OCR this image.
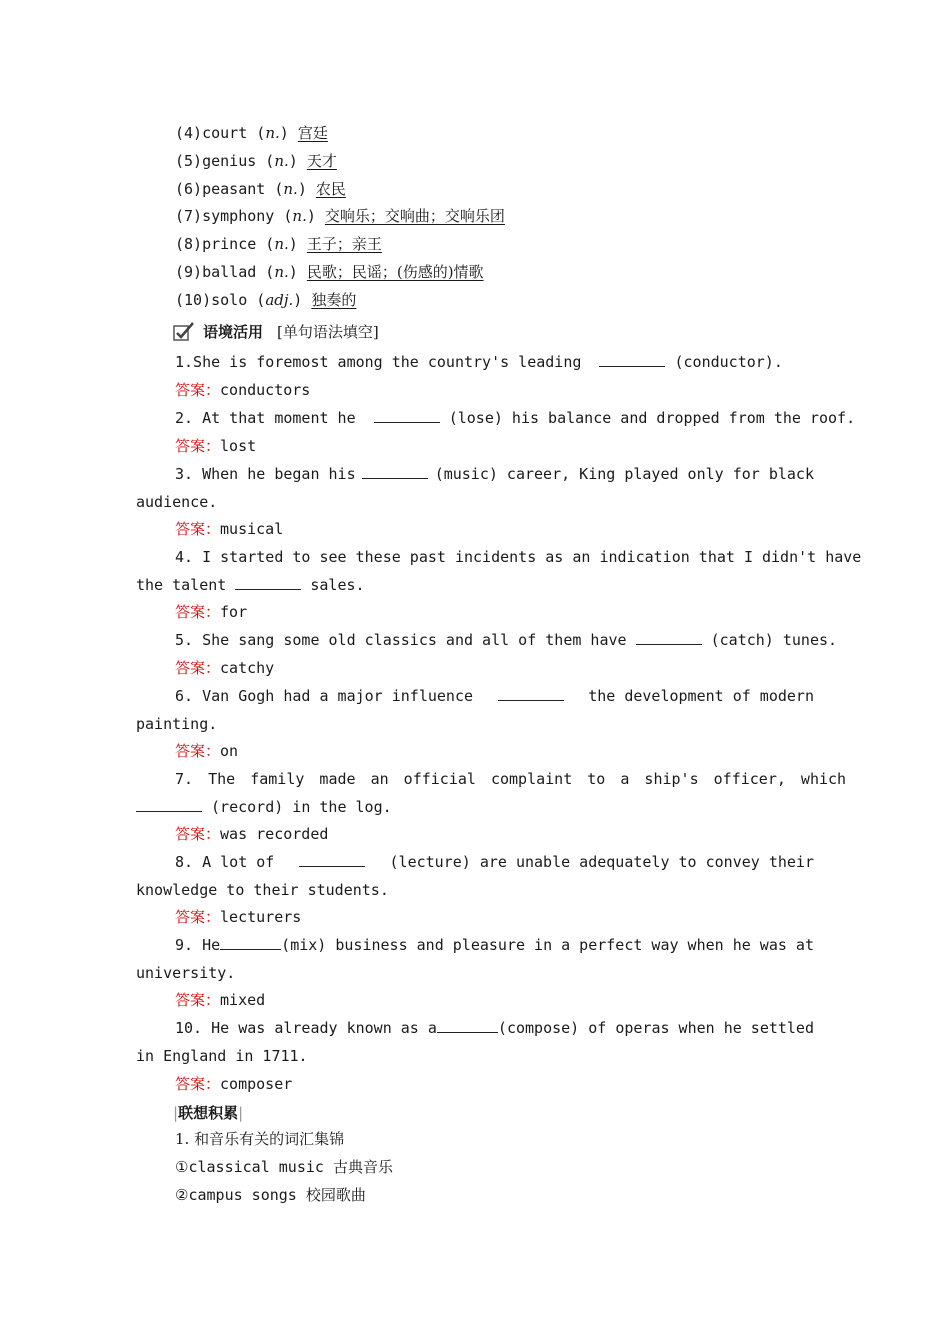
(4)court (n.) 宫廷
(5)genius (n.) 天才
(6)peasant (n.) 农民
(7)symphony (n.) 交响乐；交响曲；交响乐团
(8)prince (n.) 王子；亲王
(9)ballad (n.) 民歌；民谣；(伤感的)情歌
(10)solo (adj.) 独奏的
语境活用 [单句语法填空]
1.She is foremost among the country's leading	(conductor).
答案：conductors
2. At that moment he	(lose) his balance and dropped from the roof.
答案：lost
3. When he began his	(music) career, King played only for black
audience.
答案：musical
4. I started to see these past incidents as an indication that I didn't have
the talent	sales.
答案：for
5. She sang some old classics and all of them have	(catch) tunes.
答案：catchy
6. Van Gogh had a major influence	the development of modern
painting.
答案：on
7. The family made an official complaint to a ship's officer, which
(record) in the log.
答案：was recorded
8. A lot of	(lecture) are unable adequately to convey their
knowledge to their students.
答案：lecturers
9. He	(mix) business and pleasure in a perfect way when he was at
university.
答案：mixed
10. He was already known as a	(compose) of operas when he settled
in England in 1711.
答案：composer
|联想积累|
1. 和音乐有关的词汇集锦
①classical music 古典音乐
②campus songs 校园歌曲
